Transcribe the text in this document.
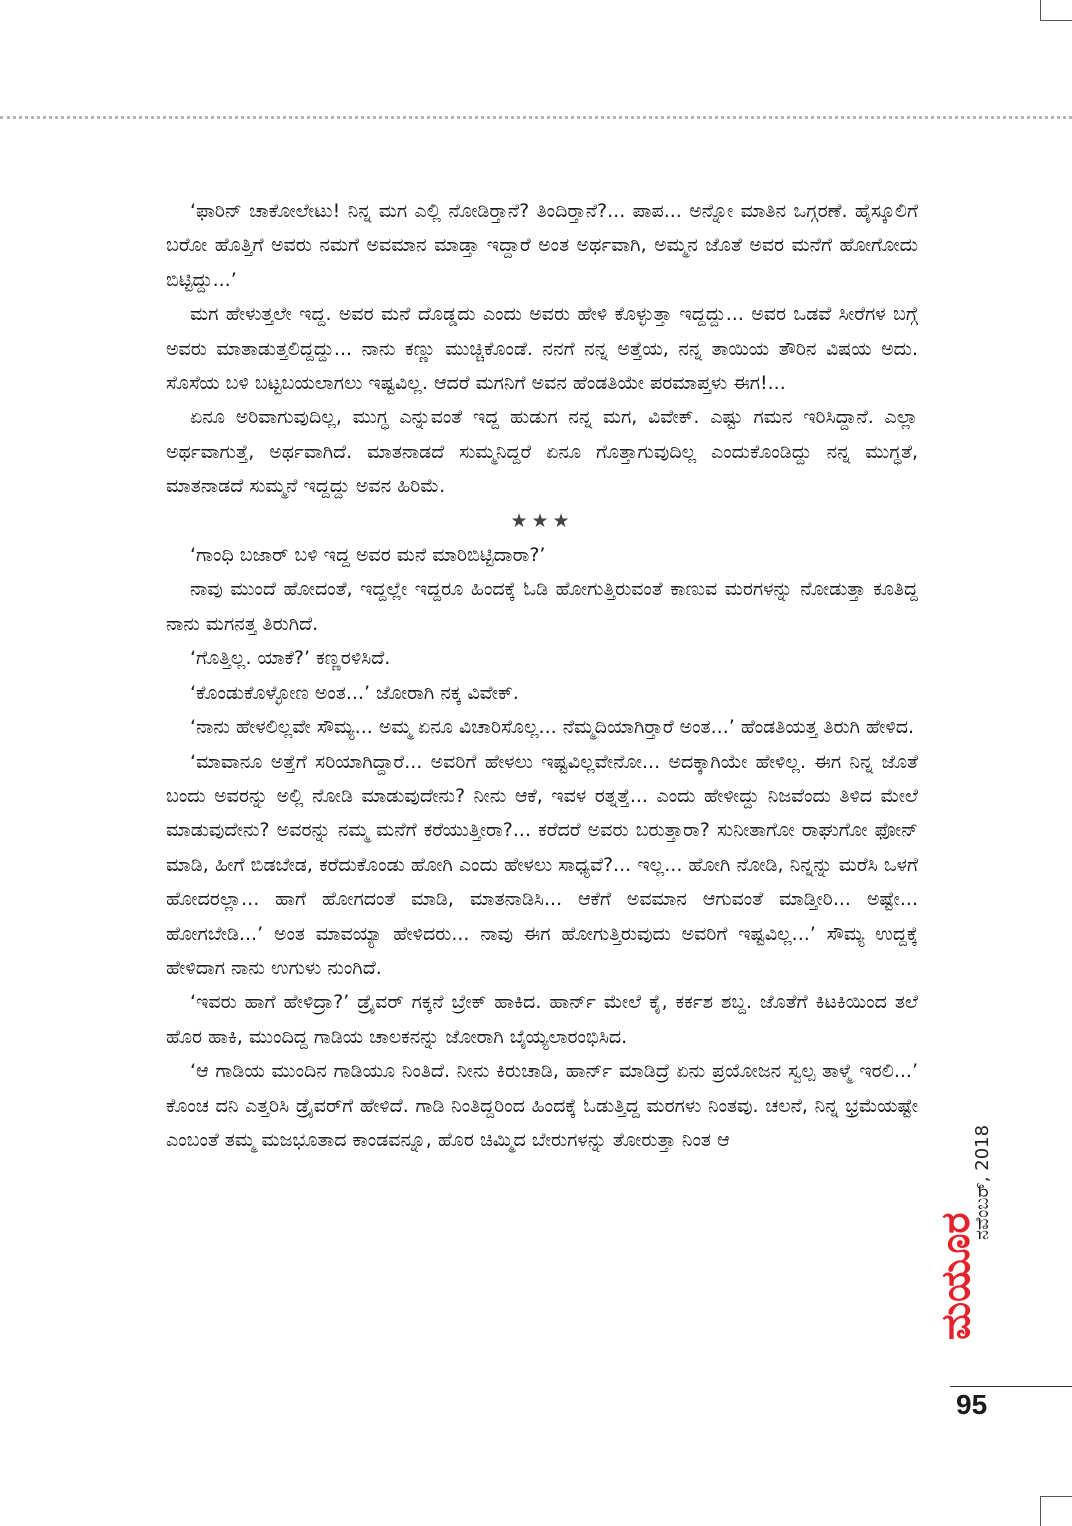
‘ಫಾರಿನ್ ಚಾಕೋಲೇಟು! ನಿನ್ನ ಮಗ ಎಲ್ಲಿ ನೋಡಿರ್‍ತಾನೆ? ತಿಂದಿರ್‍ತಾನೆ?... ಪಾಪ... ಅನ್ನೋ ಮಾತಿನ ಒಗ್ಗರಣೆ. ಹೈಸ್ಕೂಲಿಗೆ ಬರೋ ಹೊತ್ತಿಗೆ ಅವರು ನಮಗೆ ಅವಮಾನ ಮಾಡ್ತಾ ಇದ್ದಾರೆ ಅಂತ ಅರ್ಥವಾಗಿ, ಅಮ್ಮನ ಜೊತೆ ಅವರ ಮನೆಗೆ ಹೋಗೋದು ಬಿಟ್ಟಿದ್ದು...’

ಮಗ ಹೇಳುತ್ತಲೇ ಇದ್ದ. ಅವರ ಮನೆ ದೊಡ್ಡದು ಎಂದು ಅವರು ಹೇಳಿ ಕೊಳ್ಳುತ್ತಾ ಇದ್ದದ್ದು... ಅವರ ಒಡವೆ ಸೀರೆಗಳ ಬಗ್ಗೆ ಅವರು ಮಾತಾಡುತ್ತಲಿದ್ದದ್ದು... ನಾನು ಕಣ್ಣು ಮುಚ್ಚಿಕೊಂಡೆ. ನನಗೆ ನನ್ನ ಅತ್ತೆಯ, ನನ್ನ ತಾಯಿಯ ತೌರಿನ ವಿಷಯ ಅದು. ಸೊಸೆಯ ಬಳಿ ಬಟ್ಟಬಯಲಾಗಲು ಇಷ್ಟವಿಲ್ಲ. ಆದರೆ ಮಗನಿಗೆ ಅವನ ಹೆಂಡತಿಯೇ ಪರಮಾಪ್ತಳು ಈಗ!...

ಏನೂ ಅರಿವಾಗುವುದಿಲ್ಲ, ಮುಗ್ಧ ಎನ್ನುವಂತೆ ಇದ್ದ ಹುಡುಗ ನನ್ನ ಮಗ, ವಿವೇಕ್. ಎಷ್ಟು ಗಮನ ಇರಿಸಿದ್ದಾನೆ. ಎಲ್ಲಾ ಅರ್ಥವಾಗುತ್ತೆ, ಅರ್ಥವಾಗಿದೆ. ಮಾತನಾಡದೆ ಸುಮ್ಮನಿದ್ದರೆ ಏನೂ ಗೊತ್ತಾಗುವುದಿಲ್ಲ ಎಂದುಕೊಂಡಿದ್ದು ನನ್ನ ಮುಗ್ಧತೆ, ಮಾತನಾಡದೆ ಸುಮ್ಮನೆ ಇದ್ದದ್ದು ಅವನ ಹಿರಿಮೆ.

★★★

‘ಗಾಂಧಿ ಬಜಾರ್ ಬಳಿ ಇದ್ದ ಅವರ ಮನೆ ಮಾರಿಬಿಟ್ಟಿದಾರಾ?’

ನಾವು ಮುಂದೆ ಹೋದಂತೆ, ಇದ್ದಲ್ಲೇ ಇದ್ದರೂ ಹಿಂದಕ್ಕೆ ಓಡಿ ಹೋಗುತ್ತಿರುವಂತೆ ಕಾಣುವ ಮರಗಳನ್ನು ನೋಡುತ್ತಾ ಕೂತಿದ್ದ ನಾನು ಮಗನತ್ತ ತಿರುಗಿದೆ.

‘ಗೊತ್ತಿಲ್ಲ. ಯಾಕೆ?’ ಕಣ್ಣರಳಿಸಿದೆ.

‘ಕೊಂಡುಕೊಳ್ಳೋಣ ಅಂತ...’ ಜೋರಾಗಿ ನಕ್ಕ ವಿವೇಕ್.

‘ನಾನು ಹೇಳಲಿಲ್ಲವೇ ಸೌಮ್ಯ... ಅಮ್ಮ ಏನೂ ವಿಚಾರಿಸೊಲ್ಲ... ನೆಮ್ಮದಿಯಾಗಿರ್‍ತಾರೆ ಅಂತ...’ ಹೆಂಡತಿಯತ್ತ ತಿರುಗಿ ಹೇಳಿದ.

‘ಮಾವಾನೂ ಅತ್ತೆಗೆ ಸರಿಯಾಗಿದ್ದಾರೆ... ಅವರಿಗೆ ಹೇಳಲು ಇಷ್ಟವಿಲ್ಲವೇನೋ... ಅದಕ್ಕಾಗಿಯೇ ಹೇಳಿಲ್ಲ. ಈಗ ನಿನ್ನ ಜೊತೆ ಬಂದು ಅವರನ್ನು ಅಲ್ಲಿ ನೋಡಿ ಮಾಡುವುದೇನು? ನೀನು ಆಕೆ, ಇವಳ ರತ್ನತ್ತೆ... ಎಂದು ಹೇಳೀದ್ದು ನಿಜವೆಂದು ತಿಳಿದ ಮೇಲೆ ಮಾಡುವುದೇನು? ಅವರನ್ನು ನಮ್ಮ ಮನೆಗೆ ಕರೆಯುತ್ತೀರಾ?... ಕರೆದರೆ ಅವರು ಬರುತ್ತಾರಾ? ಸುನೀತಾಗೋ ರಾಘುಗೋ ಫೋನ್ ಮಾಡಿ, ಹೀಗೆ ಬಿಡಬೇಡ, ಕರೆದುಕೊಂಡು ಹೋಗಿ ಎಂದು ಹೇಳಲು ಸಾಧ್ಯವೆ?... ಇಲ್ಲ... ಹೋಗಿ ನೋಡಿ, ನಿನ್ನನ್ನು ಮರೆಸಿ ಒಳಗೆ ಹೋದರಲ್ಲಾ... ಹಾಗೆ ಹೋಗದಂತೆ ಮಾಡಿ, ಮಾತನಾಡಿಸಿ... ಆಕೆಗೆ ಅವಮಾನ ಆಗುವಂತೆ ಮಾಡ್ತೀರಿ... ಅಷ್ಟೇ... ಹೋಗಬೇಡಿ...’ ಅಂತ ಮಾವಯ್ಯಾ ಹೇಳಿದರು... ನಾವು ಈಗ ಹೋಗುತ್ತಿರುವುದು ಅವರಿಗೆ ಇಷ್ಟವಿಲ್ಲ...’ ಸೌಮ್ಯ ಉದ್ದಕ್ಕೆ ಹೇಳಿದಾಗ ನಾನು ಉಗುಳು ನುಂಗಿದೆ.

‘ಇವರು ಹಾಗೆ ಹೇಳಿದ್ರಾ?’ ಡ್ರೈವರ್ ಗಕ್ಕನೆ ಬ್ರೇಕ್ ಹಾಕಿದ. ಹಾರ್ನ್ ಮೇಲೆ ಕೈ, ಕರ್ಕಶ ಶಬ್ದ. ಜೊತೆಗೆ ಕಿಟಕಿಯಿಂದ ತಲೆ ಹೊರ ಹಾಕಿ, ಮುಂದಿದ್ದ ಗಾಡಿಯ ಚಾಲಕನನ್ನು ಜೋರಾಗಿ ಬೈಯ್ಯಲಾರಂಭಿಸಿದ.

‘ಆ ಗಾಡಿಯ ಮುಂದಿನ ಗಾಡಿಯೂ ನಿಂತಿದೆ. ನೀನು ಕಿರುಚಾಡಿ, ಹಾರ್ನ್ ಮಾಡಿದ್ರೆ ಏನು ಪ್ರಯೋಜನ ಸ್ವಲ್ಪ ತಾಳ್ಮೆ ಇರಲಿ...’ ಕೊಂಚ ದನಿ ಎತ್ತರಿಸಿ ಡ್ರೈವರ್‌ಗೆ ಹೇಳಿದೆ. ಗಾಡಿ ನಿಂತಿದ್ದರಿಂದ ಹಿಂದಕ್ಕೆ ಓಡುತ್ತಿದ್ದ ಮರಗಳು ನಿಂತವು. ಚಲನೆ, ನಿನ್ನ ಭ್ರಮೆಯಷ್ಟೇ ಎಂಬಂತೆ ತಮ್ಮ ಮಜಭೂತಾದ ಕಾಂಡವನ್ನೂ, ಹೊರ ಚಿಮ್ಮಿದ ಬೇರುಗಳನ್ನು ತೋರುತ್ತಾ ನಿಂತ ಆ

ಮಯೂರ
ನವೆಂಬರ್, 2018
95
